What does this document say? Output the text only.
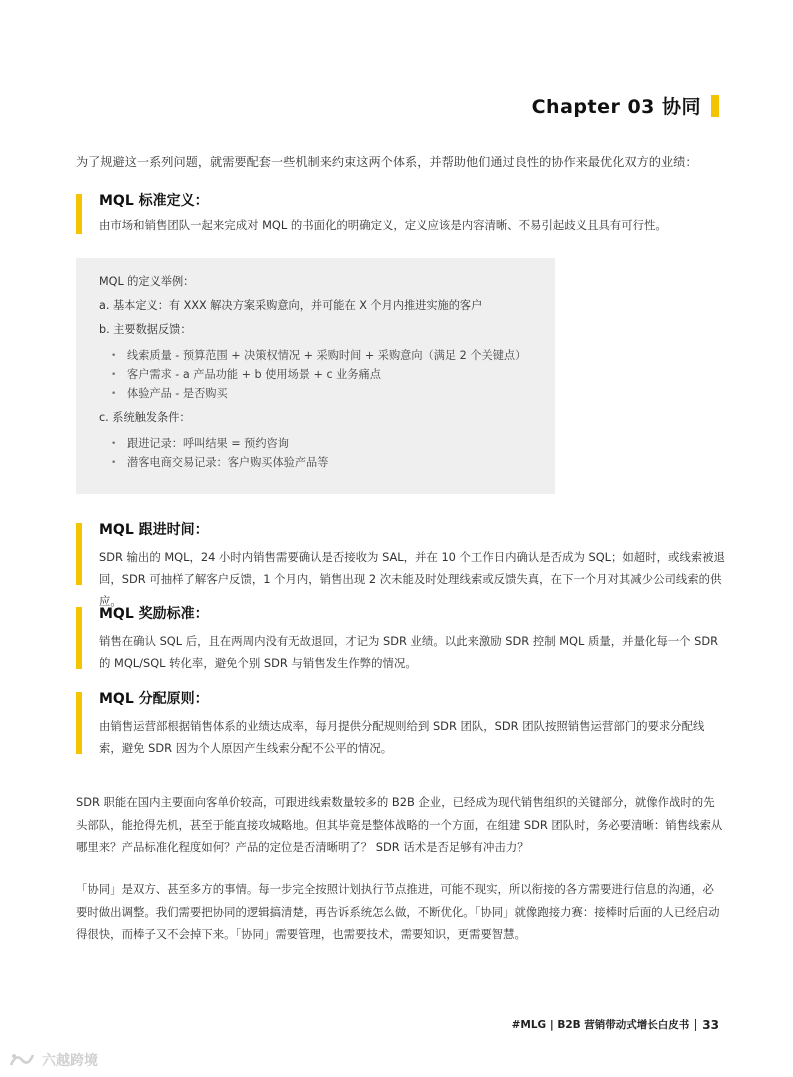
Chapter 03 协同
为了规避这一系列问题，就需要配套一些机制来约束这两个体系，并帮助他们通过良性的协作来最优化双方的业绩：
MQL 标准定义：
由市场和销售团队一起来完成对 MQL 的书面化的明确定义，定义应该是内容清晰、不易引起歧义且具有可行性。
MQL 的定义举例：
a. 基本定义：有 XXX 解决方案采购意向，并可能在 X 个月内推进实施的客户
b. 主要数据反馈：
• 线索质量 - 预算范围 + 决策权情况 + 采购时间 + 采购意向（满足 2 个关键点）
• 客户需求 - a 产品功能 + b 使用场景 + c 业务痛点
• 体验产品 - 是否购买
c. 系统触发条件：
• 跟进记录：呼叫结果 = 预约咨询
• 潜客电商交易记录：客户购买体验产品等
MQL 跟进时间：
SDR 输出的 MQL，24 小时内销售需要确认是否接收为 SAL，并在 10 个工作日内确认是否成为 SQL；如超时，或线索被退回，SDR 可抽样了解客户反馈，1 个月内，销售出现 2 次未能及时处理线索或反馈失真，在下一个月对其减少公司线索的供应。
MQL 奖励标准：
销售在确认 SQL 后，且在两周内没有无故退回，才记为 SDR 业绩。以此来激励 SDR 控制 MQL 质量，并量化每一个 SDR 的 MQL/SQL 转化率，避免个别 SDR 与销售发生作弊的情况。
MQL 分配原则：
由销售运营部根据销售体系的业绩达成率，每月提供分配规则给到 SDR 团队，SDR 团队按照销售运营部门的要求分配线索，避免 SDR 因为个人原因产生线索分配不公平的情况。
SDR 职能在国内主要面向客单价较高，可跟进线索数量较多的 B2B 企业，已经成为现代销售组织的关键部分，就像作战时的先头部队，能抢得先机，甚至于能直接攻城略地。但其毕竟是整体战略的一个方面，在组建 SDR 团队时，务必要清晰：销售线索从哪里来？产品标准化程度如何？产品的定位是否清晰明了？ SDR 话术是否足够有冲击力？
「协同」是双方、甚至多方的事情。每一步完全按照计划执行节点推进，可能不现实，所以衔接的各方需要进行信息的沟通，必要时做出调整。我们需要把协同的逻辑搞清楚，再告诉系统怎么做，不断优化。「协同」就像跑接力赛：接棒时后面的人已经启动得很快，而棒子又不会掉下来。「协同」需要管理，也需要技术，需要知识，更需要智慧。
#MLG | B2B 营销带动式增长白皮书 33
六越跨境
